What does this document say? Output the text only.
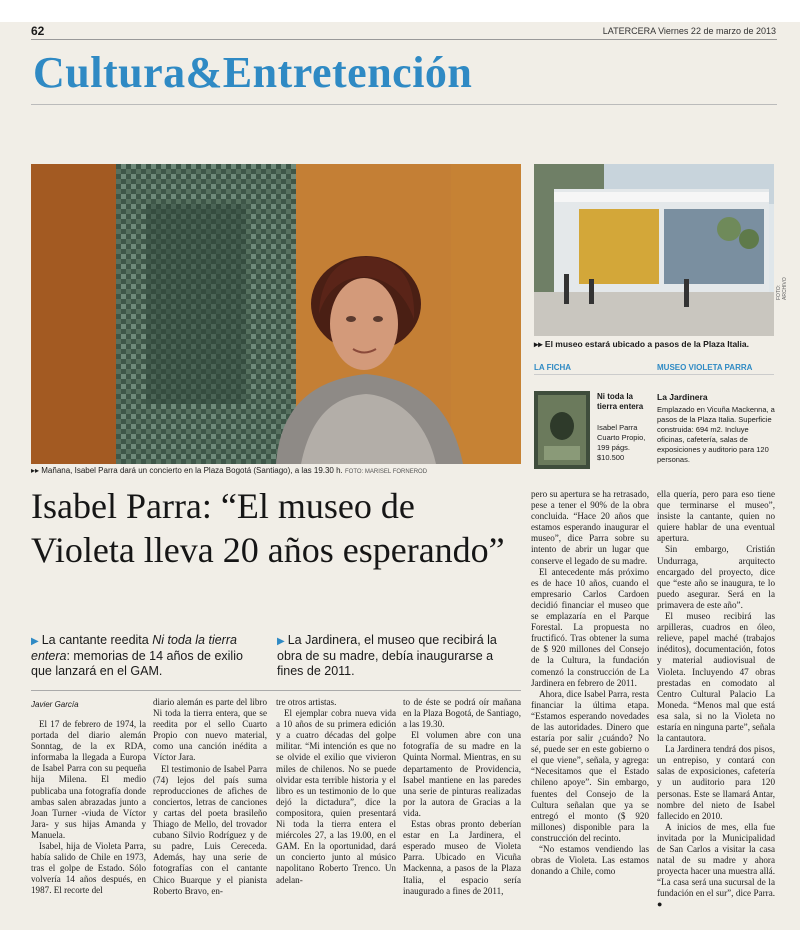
62	LATERCERA Viernes 22 de marzo de 2013
Cultura&Entretención
▸▸ Mañana, Isabel Parra dará un concierto en la Plaza Bogotá (Santiago), a las 19.30 h. FOTO: MARISEL FORNEROD
FOTO: ARCHIVO
▸▸ El museo estará ubicado a pasos de la Plaza Italia.
LA FICHA	MUSEO VIOLETA PARRA
Ni toda la tierra entera
Isabel Parra Cuarto Propio, 199 págs. $10.500
La Jardinera
Emplazado en Vicuña Mackenna, a pasos de la Plaza Italia. Superficie construida: 694 m2. Incluye oficinas, cafetería, salas de exposiciones y auditorio para 120 personas.
Isabel Parra: “El museo de Violeta lleva 20 años esperando”
▶ La cantante reedita Ni toda la tierra entera: memorias de 14 años de exilio que lanzará en el GAM.
▶ La Jardinera, el museo que recibirá la obra de su madre, debía inaugurarse a fines de 2011.
Javier García

El 17 de febrero de 1974, la portada del diario alemán Sonntag, de la ex RDA, informaba la llegada a Europa de Isabel Parra con su pequeña hija Milena. El medio publicaba una fotografía donde ambas salen abrazadas junto a Joan Turner -viuda de Víctor Jara- y sus hijas Amanda y Manuela.

Isabel, hija de Violeta Parra, había salido de Chile en 1973, tras el golpe de Estado. Sólo volvería 14 años después, en 1987. El recorte del

diario alemán es parte del libro Ni toda la tierra entera, que se reedita por el sello Cuarto Propio con nuevo material, como una canción inédita a Víctor Jara.

El testimonio de Isabel Parra (74) lejos del país suma reproducciones de afiches de conciertos, letras de canciones y cartas del poeta brasileño Thiago de Mello, del trovador cubano Silvio Rodríguez y de su padre, Luis Cereceda. Además, hay una serie de fotografías con el cantante Chico Buarque y el pianista Roberto Bravo, en-

tre otros artistas.

El ejemplar cobra nueva vida a 10 años de su primera edición y a cuatro décadas del golpe militar. “Mi intención es que no se olvide el exilio que vivieron miles de chilenos. No se puede olvidar esta terrible historia y el libro es un testimonio de lo que dejó la dictadura”, dice la compositora, quien presentará Ni toda la tierra entera el miércoles 27, a las 19.00, en el GAM. En la oportunidad, dará un concierto junto al músico napolitano Roberto Trenco. Un adelan-

to de éste se podrá oír mañana en la Plaza Bogotá, de Santiago, a las 19.30.

El volumen abre con una fotografía de su madre en la Quinta Normal. Mientras, en su departamento de Providencia, Isabel mantiene en las paredes una serie de pinturas realizadas por la autora de Gracias a la vida.

Estas obras pronto deberían estar en La Jardinera, el esperado museo de Violeta Parra. Ubicado en Vicuña Mackenna, a pasos de la Plaza Italia, el espacio sería inaugurado a fines de 2011,

pero su apertura se ha retrasado, pese a tener el 90% de la obra concluida. “Hace 20 años que estamos esperando inaugurar el museo”, dice Parra sobre su intento de abrir un lugar que conserve el legado de su madre.

El antecedente más próximo es de hace 10 años, cuando el empresario Carlos Cardoen decidió financiar el museo que se emplazaría en el Parque Forestal. La propuesta no fructificó. Tras obtener la suma de $ 920 millones del Consejo de la Cultura, la fundación comenzó la construcción de La Jardinera en febrero de 2011.

Ahora, dice Isabel Parra, resta financiar la última etapa. “Estamos esperando novedades de las autoridades. Dinero que estaría por salir ¿cuándo? No sé, puede ser en este gobierno o el que viene”, señala, y agrega: “Necesitamos que el Estado chileno apoye”. Sin embargo, fuentes del Consejo de la Cultura señalan que ya se entregó el monto ($ 920 millones) disponible para la construcción del recinto.

“No estamos vendiendo las obras de Violeta. Las estamos donando a Chile, como

ella quería, pero para eso tiene que terminarse el museo”, insiste la cantante, quien no quiere hablar de una eventual apertura.

Sin embargo, Cristián Undurraga, arquitecto encargado del proyecto, dice que “este año se inaugura, te lo puedo asegurar. Será en la primavera de este año”.

El museo recibirá las arpilleras, cuadros en óleo, relieve, papel maché (trabajos inéditos), documentación, fotos y material audiovisual de Violeta. Incluyendo 47 obras prestadas en comodato al Centro Cultural Palacio La Moneda. “Menos mal que está esa sala, si no la Violeta no estaría en ninguna parte”, señala la cantautora.

La Jardinera tendrá dos pisos, un entrepiso, y contará con salas de exposiciones, cafetería y un auditorio para 120 personas. Este se llamará Antar, nombre del nieto de Isabel fallecido en 2010.

A inicios de mes, ella fue invitada por la Municipalidad de San Carlos a visitar la casa natal de su madre y ahora proyecta hacer una muestra allá. “La casa será una sucursal de la fundación en el sur”, dice Parra. ●
